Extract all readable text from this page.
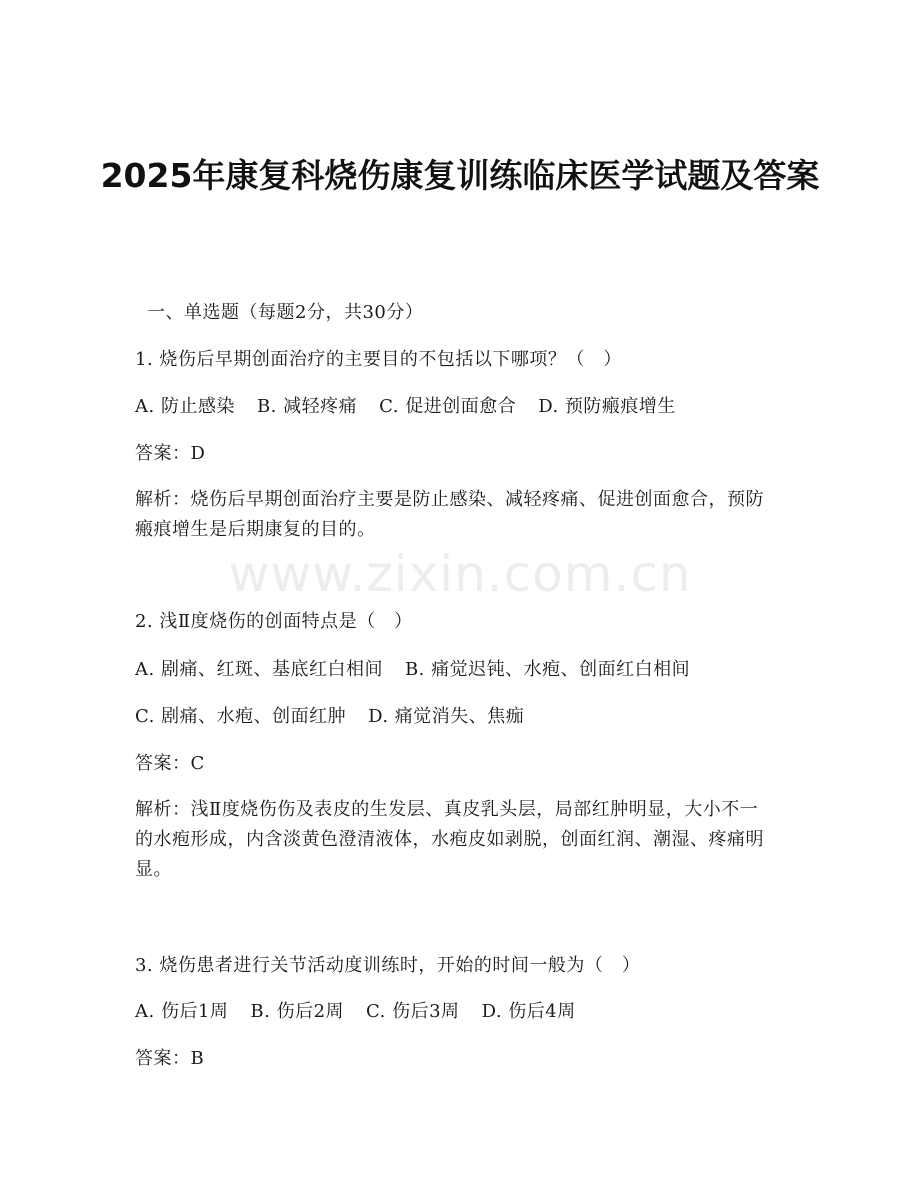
www.zixin.com.cn
2025年康复科烧伤康复训练临床医学试题及答案
一、单选题（每题2分，共30分）
1. 烧伤后早期创面治疗的主要目的不包括以下哪项？（　）
A. 防止感染 B. 减轻疼痛 C. 促进创面愈合 D. 预防瘢痕增生
答案：D
解析：烧伤后早期创面治疗主要是防止感染、减轻疼痛、促进创面愈合，预防瘢痕增生是后期康复的目的。
2. 浅Ⅱ度烧伤的创面特点是（　）
A. 剧痛、红斑、基底红白相间 B. 痛觉迟钝、水疱、创面红白相间
C. 剧痛、水疱、创面红肿 D. 痛觉消失、焦痂
答案：C
解析：浅Ⅱ度烧伤伤及表皮的生发层、真皮乳头层，局部红肿明显，大小不一的水疱形成，内含淡黄色澄清液体，水疱皮如剥脱，创面红润、潮湿、疼痛明显。
3. 烧伤患者进行关节活动度训练时，开始的时间一般为（　）
A. 伤后1周 B. 伤后2周 C. 伤后3周 D. 伤后4周
答案：B
